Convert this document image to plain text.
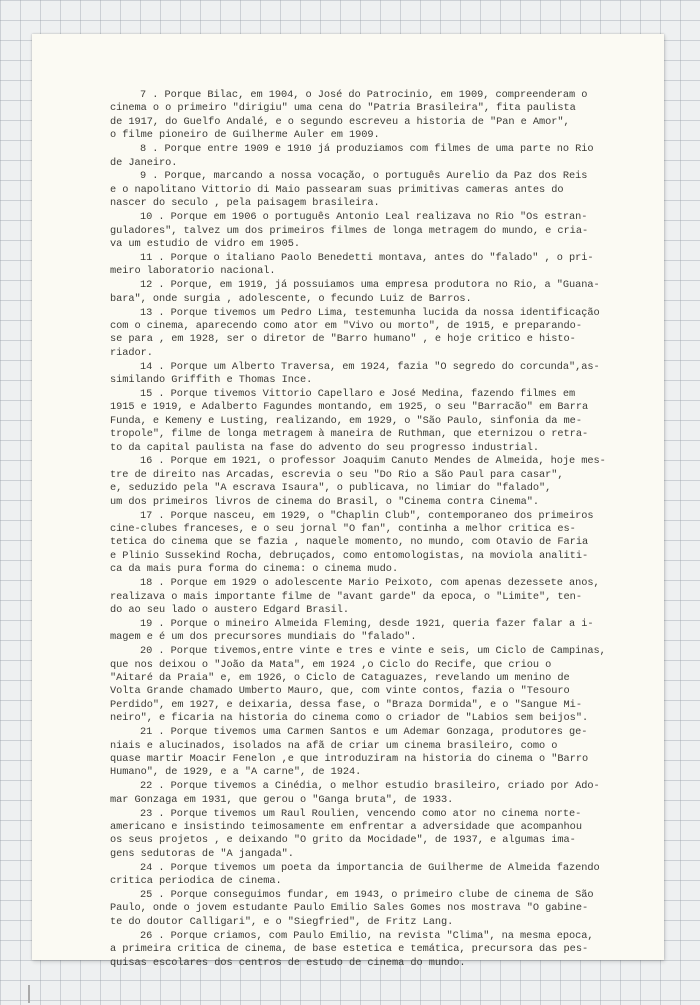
7 . Porque Bilac, em 1904, o José do Patrocinio, em 1909, compreenderam o
cinema o o primeiro "dirigiu" uma cena do "Patria Brasileira", fita paulista
de 1917, do Guelfo Andalé, e o segundo escreveu a historia de "Pan e Amor",
o filme pioneiro de Guilherme Auler em 1909.
8 . Porque entre 1909 e 1910 já produziamos com filmes de uma parte no Rio
de Janeiro.
9 . Porque, marcando a nossa vocação, o português Aurelio da Paz dos Reis
e o napolitano Vittorio di Maio passearam suas primitivas cameras antes do
nascer do seculo , pela paisagem brasileira.
10 . Porque em 1906 o português Antonio Leal realizava no Rio "Os estran-
guladores", talvez um dos primeiros filmes de longa metragem do mundo, e cria-
va um estudio de vidro em 1905.
11 . Porque o italiano Paolo Benedetti montava, antes do "falado" , o pri-
meiro laboratorio nacional.
12 . Porque, em 1919, já possuiamos uma empresa produtora no Rio, a "Guana-
bara", onde surgia , adolescente, o fecundo Luiz de Barros.
13 . Porque tivemos um Pedro Lima, testemunha lucida da nossa identificação
com o cinema, aparecendo como ator em "Vivo ou morto", de 1915, e preparando-
se para , em 1928, ser o diretor de "Barro humano" , e hoje critico e histo-
riador.
14 . Porque um Alberto Traversa, em 1924, fazia "O segredo do corcunda",as-
similando Griffith e Thomas Ince.
15 . Porque tivemos Vittorio Capellaro e José Medina, fazendo filmes em
1915 e 1919, e Adalberto Fagundes montando, em 1925, o seu "Barracão" em Barra
Funda, e Kemeny e Lusting, realizando, em 1929, o "São Paulo, sinfonia da me-
tropole", filme de longa metragem à maneira de Ruthman, que eternizou o retra-
to da capital paulista na fase do advento do seu progresso industrial.
16 . Porque em 1921, o professor Joaquim Canuto Mendes de Almeida, hoje mes-
tre de direito nas Arcadas, escrevia o seu "Do Rio a São Paul para casar",
e, seduzido pela "A escrava Isaura", o publicava, no limiar do "falado",
um dos primeiros livros de cinema do Brasil, o "Cinema contra Cinema".
17 . Porque nasceu, em 1929, o "Chaplin Club", contemporaneo dos primeiros
cine-clubes franceses, e o seu jornal "O fan", continha a melhor critica es-
tetica do cinema que se fazia , naquele momento, no mundo, com Otavio de Faria
e Plinio Sussekind Rocha, debruçados, como entomologistas, na moviola analiti-
ca da mais pura forma do cinema: o cinema mudo.
18 . Porque em 1929 o adolescente Mario Peixoto, com apenas dezessete anos,
realizava o mais importante filme de "avant garde" da epoca, o "Limite", ten-
do ao seu lado o austero Edgard Brasil.
19 . Porque o mineiro Almeida Fleming, desde 1921, queria fazer falar a i-
magem e é um dos precursores mundiais do "falado".
20 . Porque tivemos,entre vinte e tres e vinte e seis, um Ciclo de Campinas,
que nos deixou o "João da Mata", em 1924 ,o Ciclo do Recife, que criou o
"Aitaré da Praia" e, em 1926, o Ciclo de Cataguazes, revelando um menino de
Volta Grande chamado Umberto Mauro, que, com vinte contos, fazia o "Tesouro
Perdido", em 1927, e deixaria, dessa fase, o "Braza Dormida", e o "Sangue Mi-
neiro", e ficaria na historia do cinema como o criador de "Labios sem beijos".
21 . Porque tivemos uma Carmen Santos e um Ademar Gonzaga, produtores ge-
niais e alucinados, isolados na afã de criar um cinema brasileiro, como o
quase martir Moacir Fenelon ,e que introduziram na historia do cinema o "Barro
Humano", de 1929, e a "A carne", de 1924.
22 . Porque tivemos a Cinédia, o melhor estudio brasileiro, criado por Ado-
mar Gonzaga em 1931, que gerou o "Ganga bruta", de 1933.
23 . Porque tivemos um Raul Roulien, vencendo como ator no cinema norte-
americano e insistindo teimosamente em enfrentar a adversidade que acompanhou
os seus projetos , e deixando "O grito da Mocidade", de 1937, e algumas ima-
gens sedutoras de "A jangada".
24 . Porque tivemos um poeta da importancia de Guilherme de Almeida fazendo
critica periodica de cinema.
25 . Porque conseguimos fundar, em 1943, o primeiro clube de cinema de São
Paulo, onde o jovem estudante Paulo Emilio Sales Gomes nos mostrava "O gabine-
te do doutor Calligari", e o "Siegfried", de Fritz Lang.
26 . Porque criamos, com Paulo Emilio, na revista "Clima", na mesma epoca,
a primeira critica de cinema, de base estetica e temática, precursora das pes-
quisas escolares dos centros de estudo de cinema do mundo.
